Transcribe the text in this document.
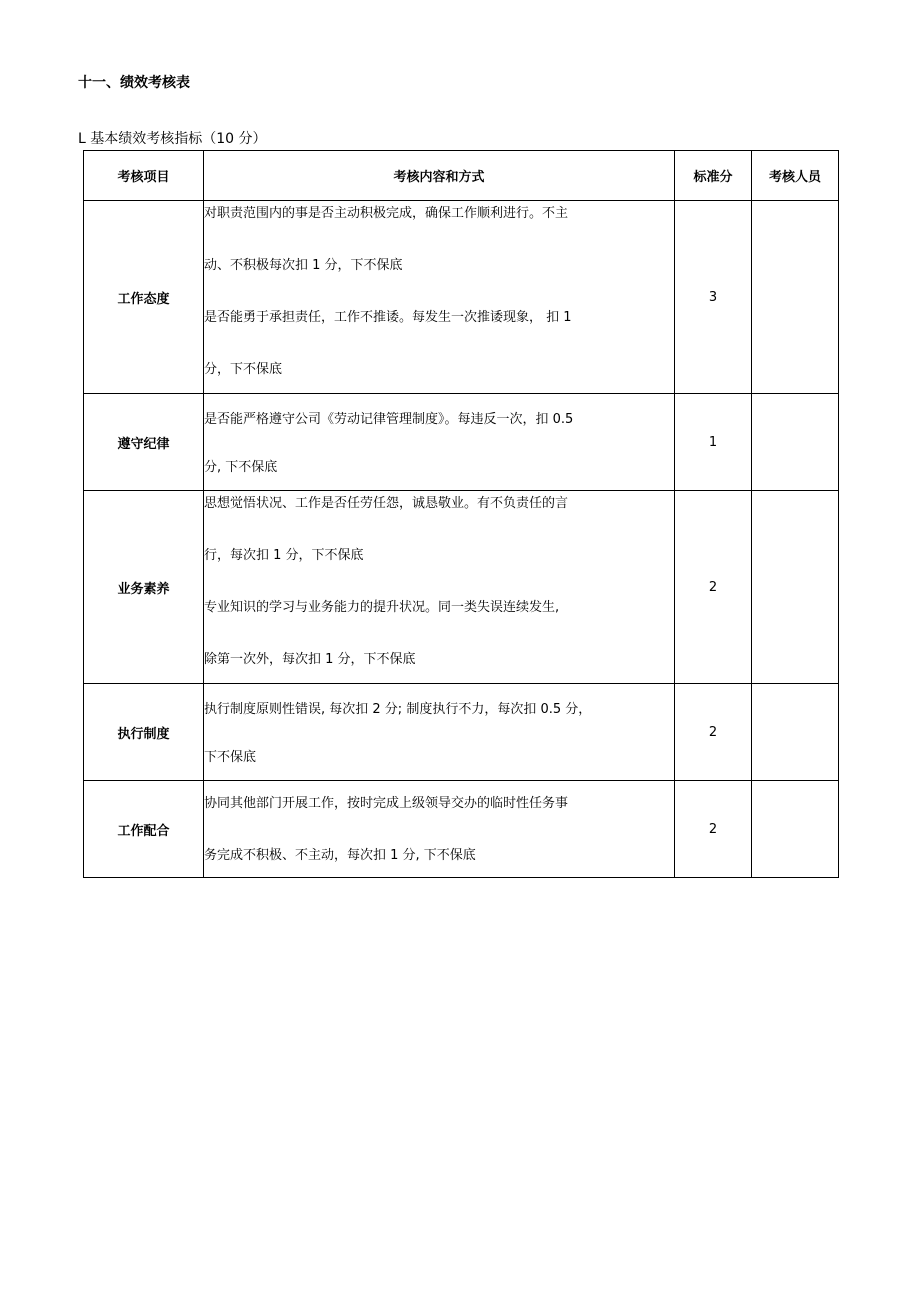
十一、绩效考核表

L 基本绩效考核指标（10 分）

考核项目	考核内容和方式	标准分	考核人员
工作态度	对职责范围内的事是否主动积极完成，确保工作顺利进行。不主
动、不积极每次扣 1 分，下不保底
是否能勇于承担责任，工作不推诿。每发生一次推诿现象， 扣 1
分，下不保底	3	
遵守纪律	是否能严格遵守公司《劳动记律管理制度》。每违反一次，扣 0.5
分, 下不保底	1	
业务素养	思想觉悟状况、工作是否任劳任怨，诚恳敬业。有不负责任的言
行，每次扣 1 分，下不保底
专业知识的学习与业务能力的提升状况。同一类失误连续发生,
除第一次外，每次扣 1 分，下不保底	2	
执行制度	执行制度原则性错误, 每次扣 2 分; 制度执行不力，每次扣 0.5 分，
下不保底	2	
工作配合	协同其他部门开展工作，按时完成上级领导交办的临时性任务事
务完成不积极、不主动，每次扣 1 分, 下不保底	2	
